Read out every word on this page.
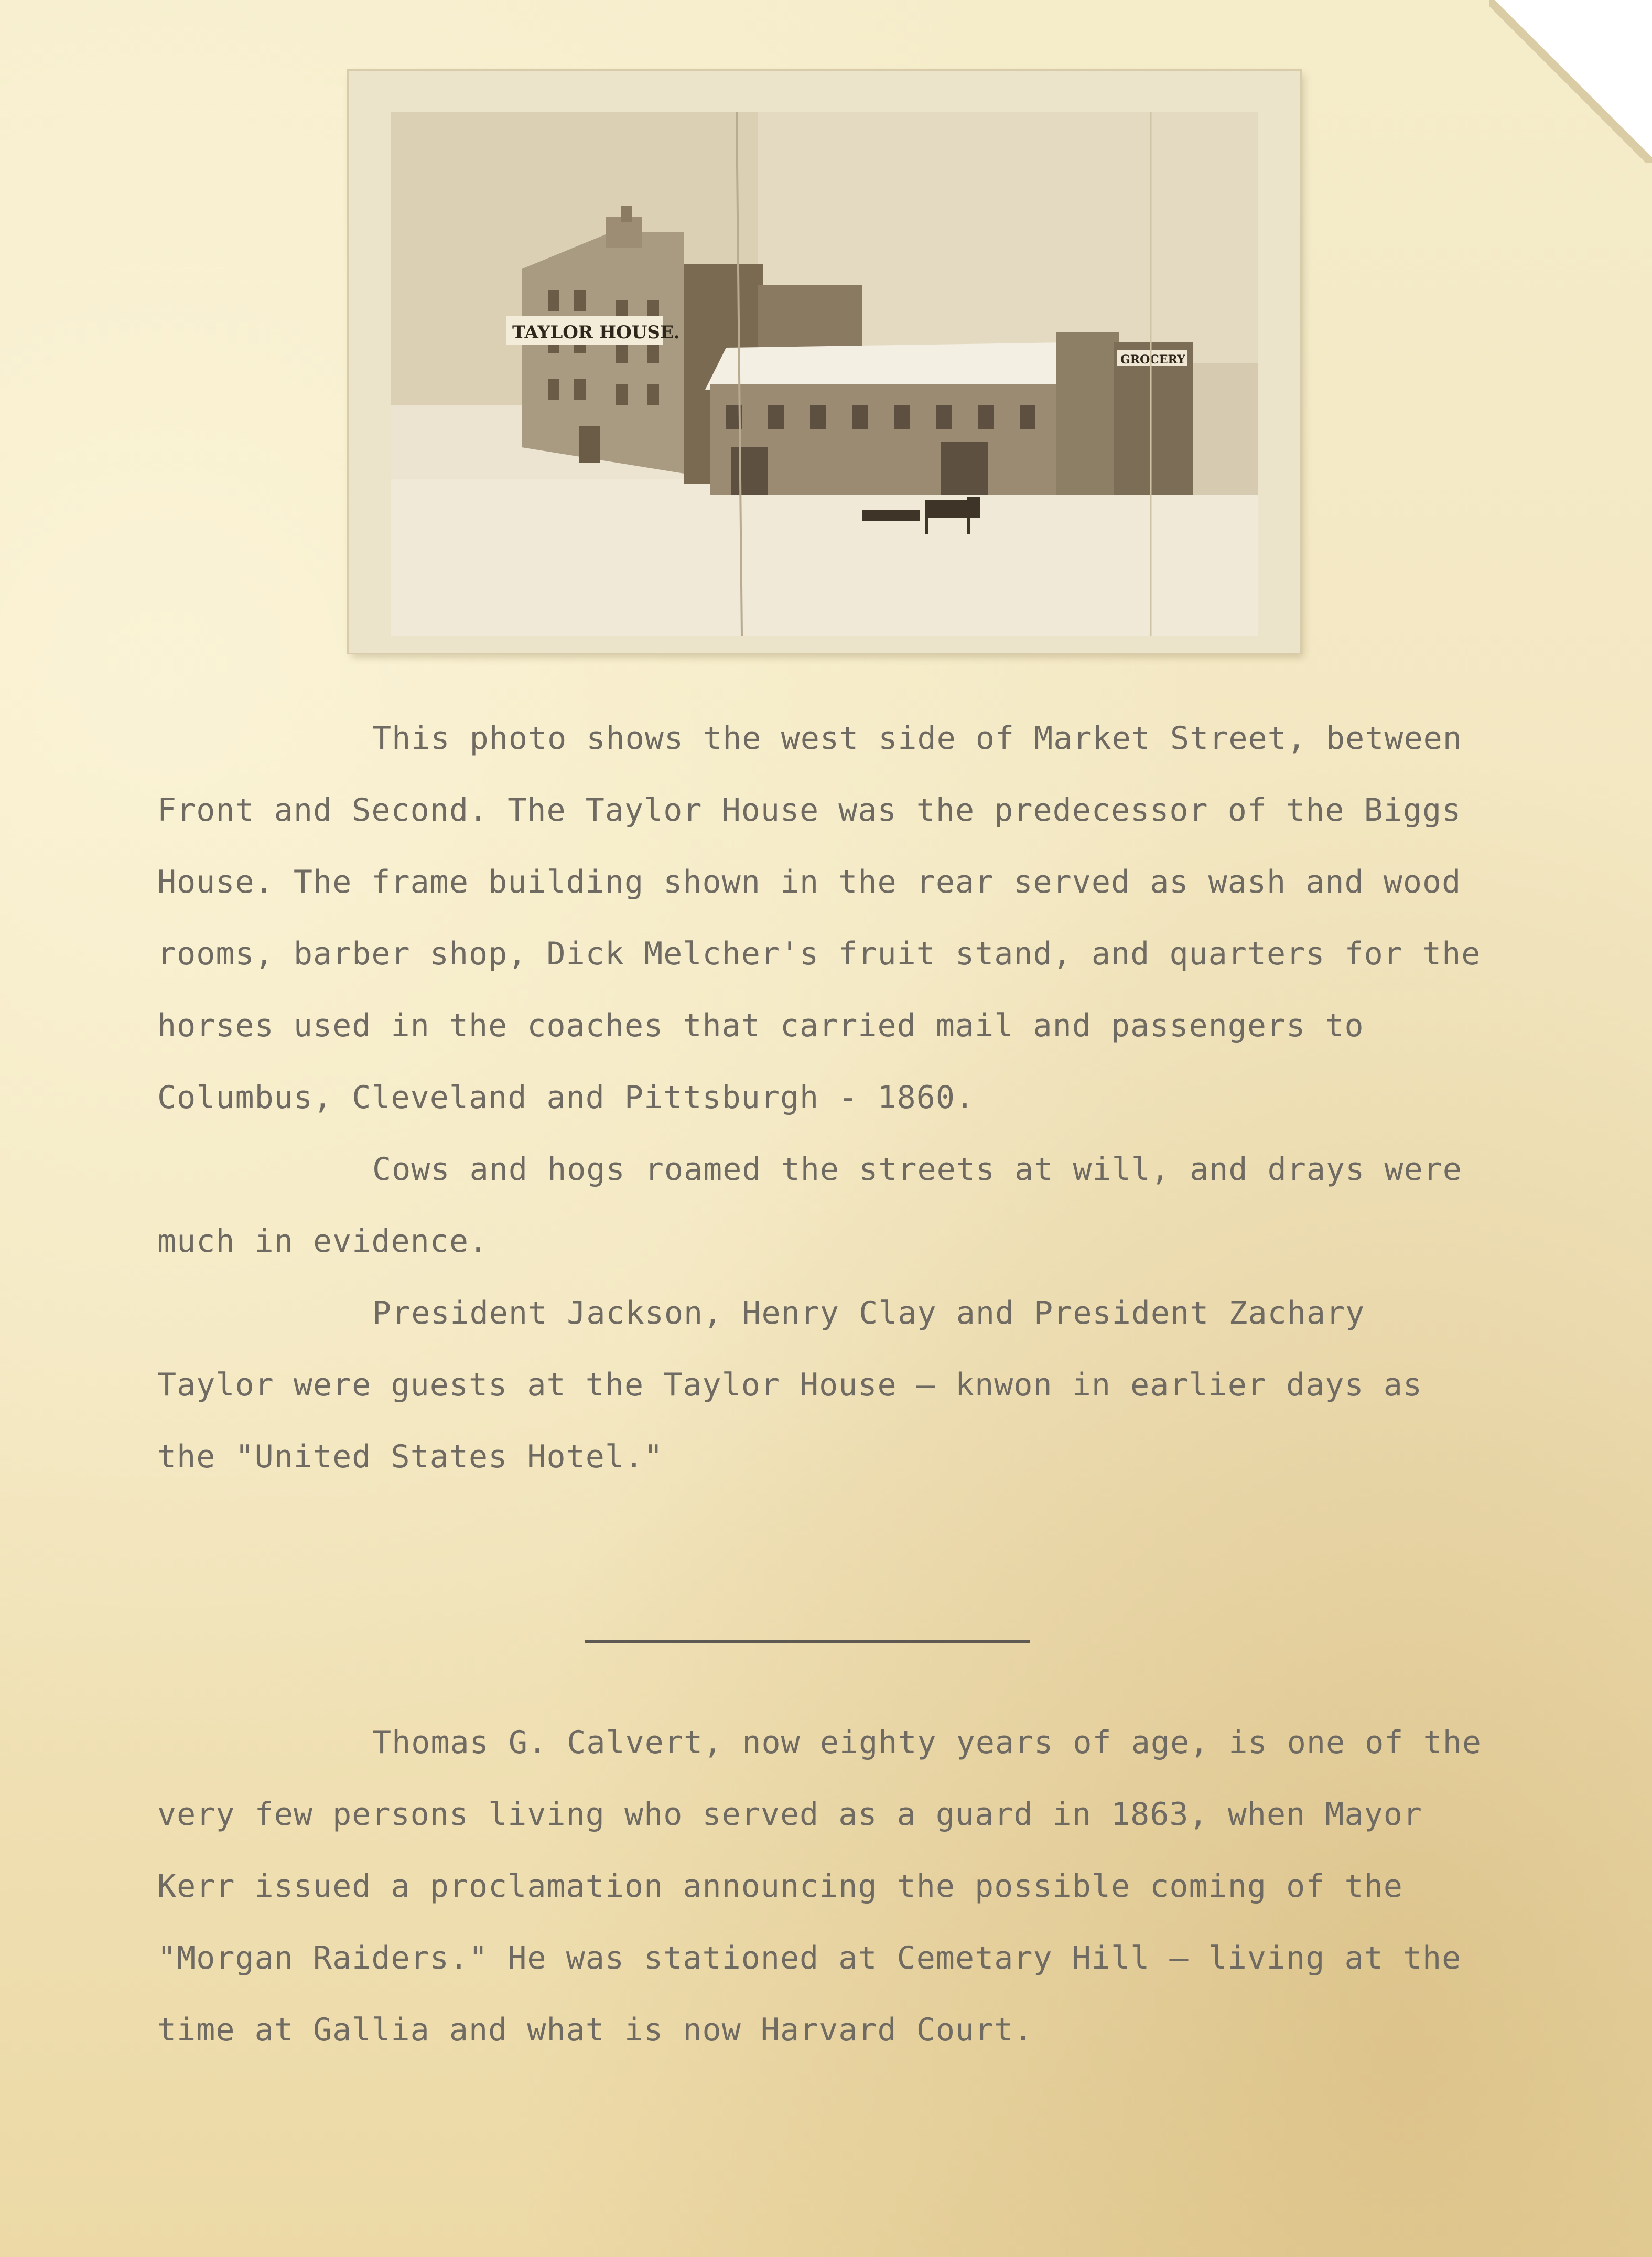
TAYLOR HOUSE.
GROCERY

This photo shows the west side of Market Street, between Front and Second. The Taylor House was the predecessor of the Biggs House. The frame building shown in the rear served as wash and wood rooms, barber shop, Dick Melcher's fruit stand, and quarters for the horses used in the coaches that carried mail and passengers to Columbus, Cleveland and Pittsburgh - 1860.

Cows and hogs roamed the streets at will, and drays were much in evidence.

President Jackson, Henry Clay and President Zachary Taylor were guests at the Taylor House — knwon in earlier days as the "United States Hotel."

Thomas G. Calvert, now eighty years of age, is one of the very few persons living who served as a guard in 1863, when Mayor Kerr issued a proclamation announcing the possible coming of the "Morgan Raiders." He was stationed at Cemetary Hill — living at the time at Gallia and what is now Harvard Court.
